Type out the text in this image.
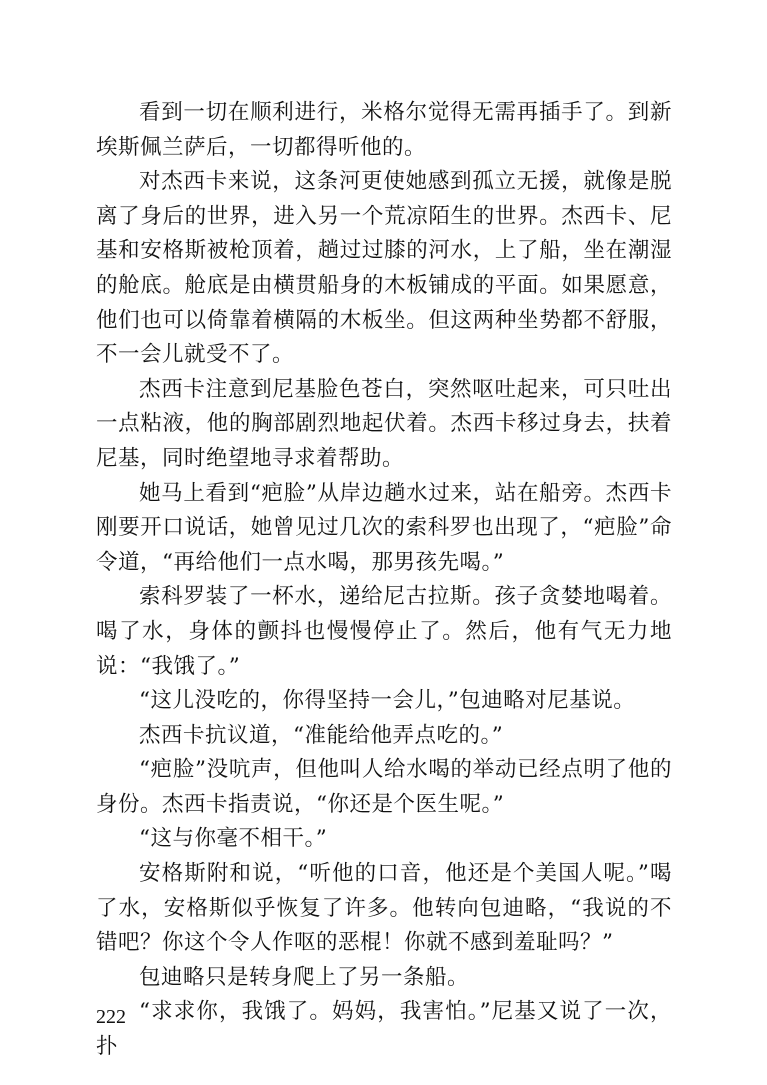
看到一切在顺利进行，米格尔觉得无需再插手了。到新埃斯佩兰萨后，一切都得听他的。

对杰西卡来说，这条河更使她感到孤立无援，就像是脱离了身后的世界，进入另一个荒凉陌生的世界。杰西卡、尼基和安格斯被枪顶着，趟过过膝的河水，上了船，坐在潮湿的舱底。舱底是由横贯船身的木板铺成的平面。如果愿意，他们也可以倚靠着横隔的木板坐。但这两种坐势都不舒服，不一会儿就受不了。

杰西卡注意到尼基脸色苍白，突然呕吐起来，可只吐出一点粘液，他的胸部剧烈地起伏着。杰西卡移过身去，扶着尼基，同时绝望地寻求着帮助。

她马上看到“疤脸”从岸边趟水过来，站在船旁。杰西卡刚要开口说话，她曾见过几次的索科罗也出现了，“疤脸”命令道，“再给他们一点水喝，那男孩先喝。”

索科罗装了一杯水，递给尼古拉斯。孩子贪婪地喝着。喝了水，身体的颤抖也慢慢停止了。然后，他有气无力地说：“我饿了。”

“这儿没吃的，你得坚持一会儿，”包迪略对尼基说。

杰西卡抗议道，“准能给他弄点吃的。”

“疤脸”没吭声，但他叫人给水喝的举动已经点明了他的身份。杰西卡指责说，“你还是个医生呢。”

“这与你毫不相干。”

安格斯附和说，“听他的口音，他还是个美国人呢。”喝了水，安格斯似乎恢复了许多。他转向包迪略，“我说的不错吧？你这个令人作呕的恶棍！你就不感到羞耻吗？”

包迪略只是转身爬上了另一条船。

“求求你，我饿了。妈妈，我害怕。”尼基又说了一次，扑

222
